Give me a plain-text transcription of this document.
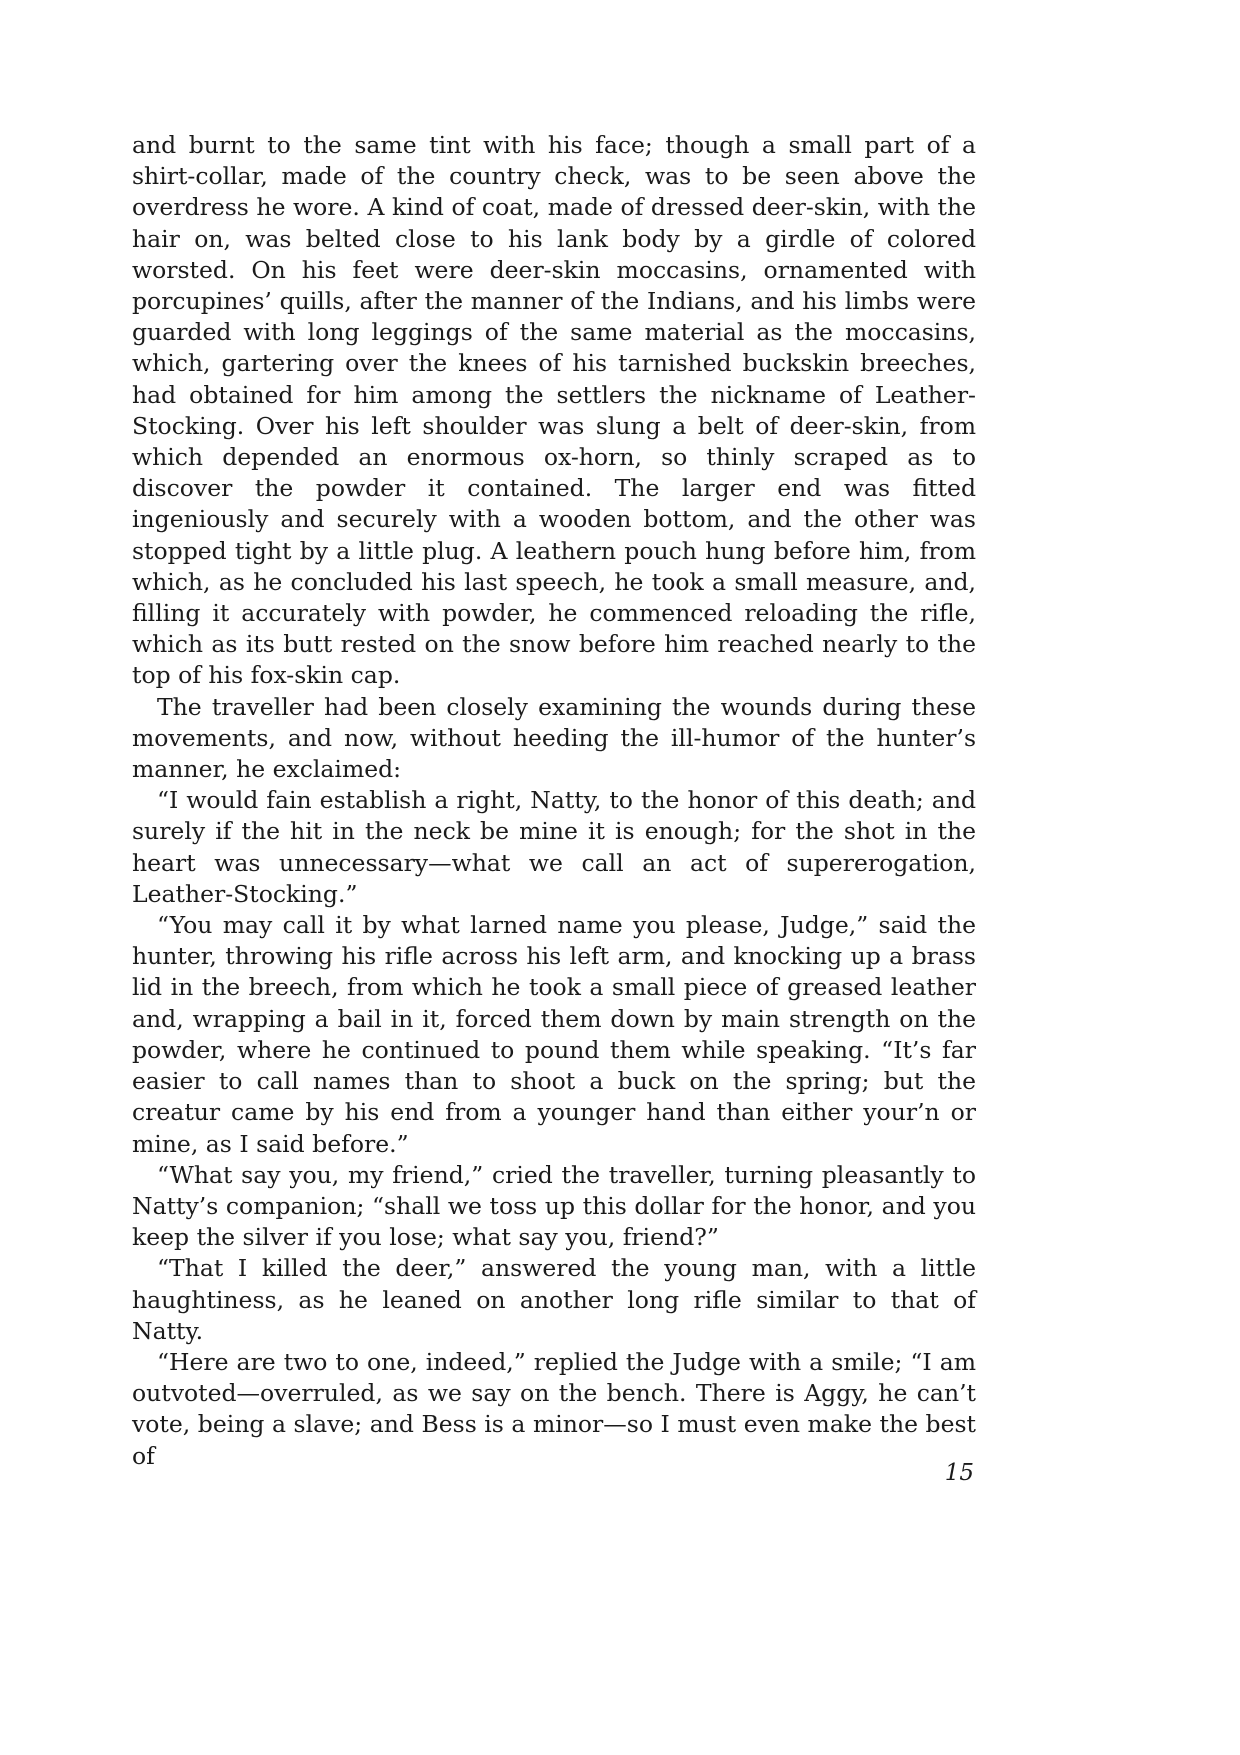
and burnt to the same tint with his face; though a small part of a shirt-collar, made of the country check, was to be seen above the overdress he wore. A kind of coat, made of dressed deer-skin, with the hair on, was belted close to his lank body by a girdle of colored worsted. On his feet were deer-skin moccasins, ornamented with porcupines’ quills, after the manner of the Indians, and his limbs were guarded with long leggings of the same material as the moccasins, which, gartering over the knees of his tarnished buckskin breeches, had obtained for him among the settlers the nickname of Leather-Stocking. Over his left shoulder was slung a belt of deer-skin, from which depended an enormous ox-horn, so thinly scraped as to discover the powder it contained. The larger end was fitted ingeniously and securely with a wooden bottom, and the other was stopped tight by a little plug. A leathern pouch hung before him, from which, as he concluded his last speech, he took a small measure, and, filling it accurately with powder, he commenced reloading the rifle, which as its butt rested on the snow before him reached nearly to the top of his fox-skin cap.

The traveller had been closely examining the wounds during these movements, and now, without heeding the ill-humor of the hunter’s manner, he exclaimed:

“I would fain establish a right, Natty, to the honor of this death; and surely if the hit in the neck be mine it is enough; for the shot in the heart was unnecessary—what we call an act of supererogation, Leather-Stocking.”

“You may call it by what larned name you please, Judge,” said the hunter, throwing his rifle across his left arm, and knocking up a brass lid in the breech, from which he took a small piece of greased leather and, wrapping a bail in it, forced them down by main strength on the powder, where he continued to pound them while speaking. “It’s far easier to call names than to shoot a buck on the spring; but the creatur came by his end from a younger hand than either your’n or mine, as I said before.”

“What say you, my friend,” cried the traveller, turning pleasantly to Natty’s companion; “shall we toss up this dollar for the honor, and you keep the silver if you lose; what say you, friend?”

“That I killed the deer,” answered the young man, with a little haughtiness, as he leaned on another long rifle similar to that of Natty.

“Here are two to one, indeed,” replied the Judge with a smile; “I am outvoted—overruled, as we say on the bench. There is Aggy, he can’t vote, being a slave; and Bess is a minor—so I must even make the best of

15
